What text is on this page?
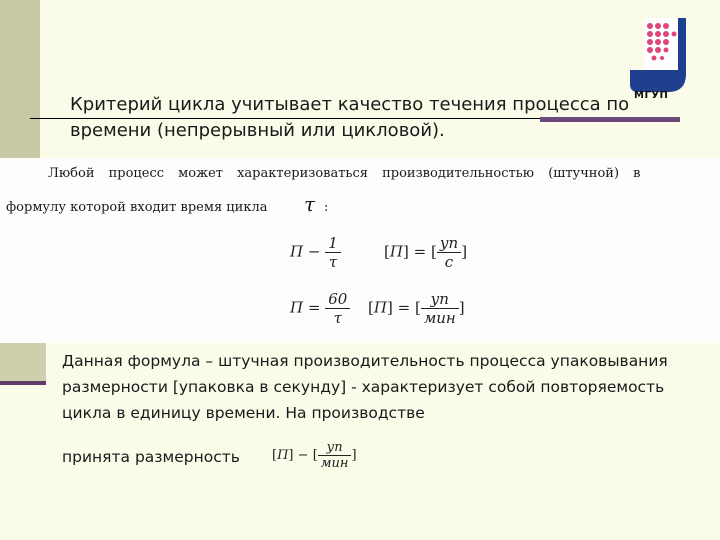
МГУП
Критерий цикла учитывает качество течения процесса по времени (непрерывный или цикловой).
Любой процесс может характеризоваться производительностью (штучной) в
формулу которой входит время цикла τ :
$П - \frac{1}{\tau}$	[П] = [ $\frac{уп}{с}$ ]
$П = \frac{60}{\tau} [П]$ = [ $\frac{уп}{\text{мин}}$ ]
Данная формула – штучная производительность процесса упаковывания размерности [упаковка в секунду] - характеризует собой повторяемость цикла в единицу времени. На производстве
принята размерность [П] − [ $\frac{уп}{\text{мин}}$ ]
